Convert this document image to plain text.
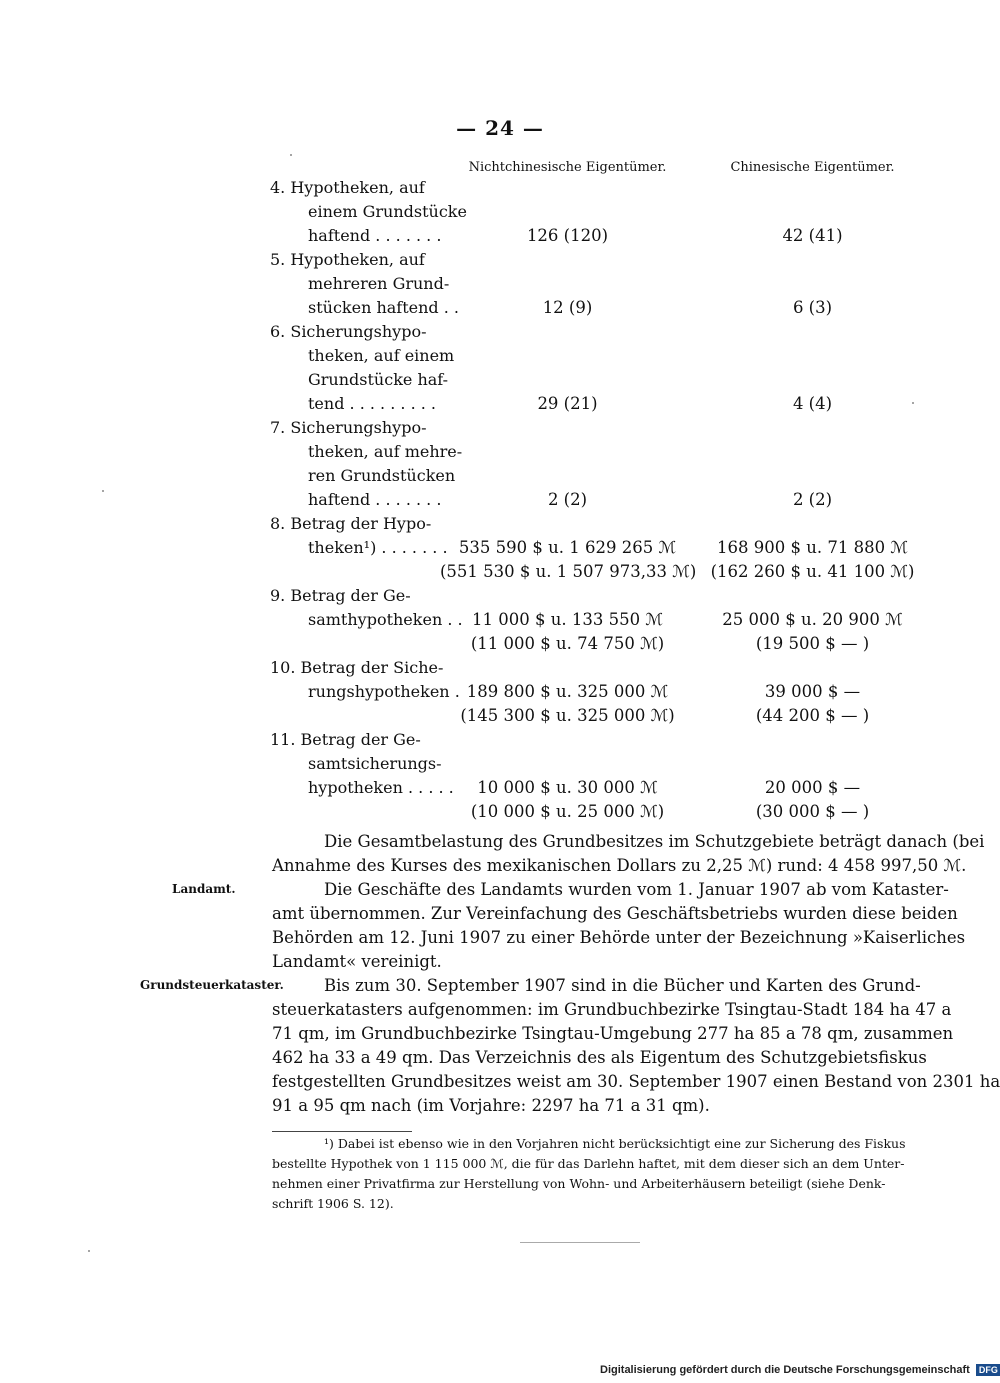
— 24 —
Nichtchinesische Eigentümer.	Chinesische Eigentümer.
4. Hypotheken, auf
einem Grundstücke
haftend . . . . . . .	126 (120)	42 (41)
5. Hypotheken, auf
mehreren Grund-
stücken haftend . .	12 (9)	6 (3)
6. Sicherungshypo-
theken, auf einem
Grundstücke haf-
tend . . . . . . . . .	29 (21)	4 (4)
7. Sicherungshypo-
theken, auf mehre-
ren Grundstücken
haftend . . . . . . .	2 (2)	2 (2)
8. Betrag der Hypo-
theken¹) . . . . . . . 535 590 $ u. 1 629 265 ℳ	168 900 $ u. 71 880 ℳ
(551 530 $ u. 1 507 973,33 ℳ) (162 260 $ u. 41 100 ℳ)
9. Betrag der Ge-
samthypotheken . . 11 000 $ u. 133 550 ℳ	25 000 $ u. 20 900 ℳ
(11 000 $ u. 74 750 ℳ)	(19 500 $ — )
10. Betrag der Siche-
rungshypotheken . 189 800 $ u. 325 000 ℳ	39 000 $ —
(145 300 $ u. 325 000 ℳ)	(44 200 $ — )
11. Betrag der Ge-
samtsicherungs-
hypotheken . . . . .	10 000 $ u. 30 000 ℳ	20 000 $ —
(10 000 $ u. 25 000 ℳ)	(30 000 $ — )
Die Gesamtbelastung des Grundbesitzes im Schutzgebiete beträgt danach (bei
Annahme des Kurses des mexikanischen Dollars zu 2,25 ℳ) rund: 4 458 997,50 ℳ.
Landamt.	Die Geschäfte des Landamts wurden vom 1. Januar 1907 ab vom Kataster-
amt übernommen. Zur Vereinfachung des Geschäftsbetriebs wurden diese beiden
Behörden am 12. Juni 1907 zu einer Behörde unter der Bezeichnung »Kaiserliches
Landamt« vereinigt.
Grundsteuerkataster.	Bis zum 30. September 1907 sind in die Bücher und Karten des Grund-
steuerkatasters aufgenommen: im Grundbuchbezirke Tsingtau-Stadt 184 ha 47 a
71 qm, im Grundbuchbezirke Tsingtau-Umgebung 277 ha 85 a 78 qm, zusammen
462 ha 33 a 49 qm. Das Verzeichnis des als Eigentum des Schutzgebietsfiskus
festgestellten Grundbesitzes weist am 30. September 1907 einen Bestand von 2301 ha
91 a 95 qm nach (im Vorjahre: 2297 ha 71 a 31 qm).
¹) Dabei ist ebenso wie in den Vorjahren nicht berücksichtigt eine zur Sicherung des Fiskus
bestellte Hypothek von 1 115 000 ℳ, die für das Darlehn haftet, mit dem dieser sich an dem Unter-
nehmen einer Privatfirma zur Herstellung von Wohn- und Arbeiterhäusern beteiligt (siehe Denk-
schrift 1906 S. 12).
Digitalisierung gefördert durch die Deutsche Forschungsgemeinschaft DFG
